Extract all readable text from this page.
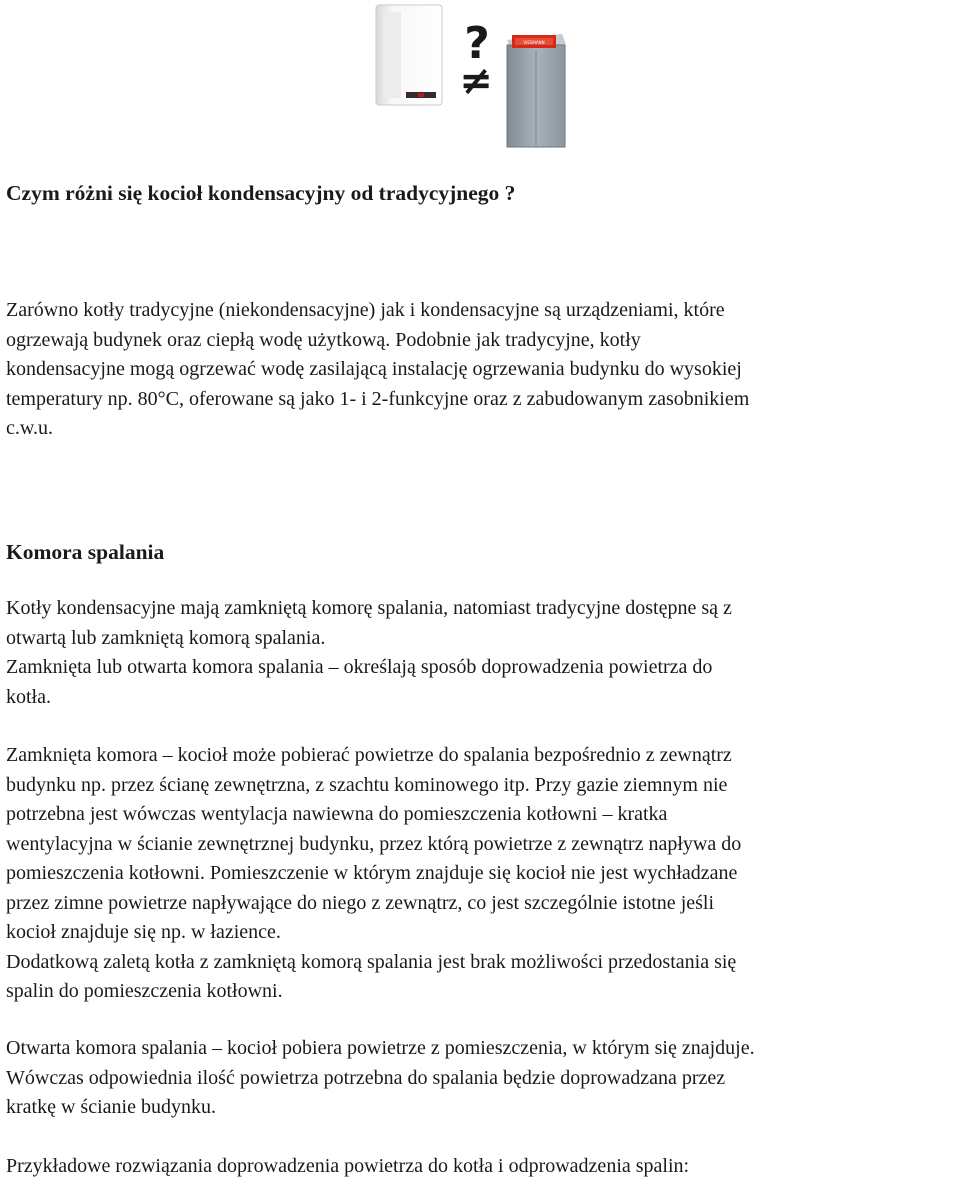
?
≠
VIESMANN
Czym różni się kocioł kondensacyjny od tradycyjnego ?
Zarówno kotły tradycyjne (niekondensacyjne) jak i kondensacyjne są urządzeniami, które
ogrzewają budynek oraz ciepłą wodę użytkową. Podobnie jak tradycyjne, kotły
kondensacyjne mogą ogrzewać wodę zasilającą instalację ogrzewania budynku do wysokiej
temperatury np. 80°C, oferowane są jako 1- i 2-funkcyjne oraz z zabudowanym zasobnikiem
c.w.u.
Komora spalania
Kotły kondensacyjne mają zamkniętą komorę spalania, natomiast tradycyjne dostępne są z
otwartą lub zamkniętą komorą spalania.
Zamknięta lub otwarta komora spalania – określają sposób doprowadzenia powietrza do
kotła.
Zamknięta komora – kocioł może pobierać powietrze do spalania bezpośrednio z zewnątrz
budynku np. przez ścianę zewnętrzna, z szachtu kominowego itp. Przy gazie ziemnym nie
potrzebna jest wówczas wentylacja nawiewna do pomieszczenia kotłowni – kratka
wentylacyjna w ścianie zewnętrznej budynku, przez którą powietrze z zewnątrz napływa do
pomieszczenia kotłowni. Pomieszczenie w którym znajduje się kocioł nie jest wychładzane
przez zimne powietrze napływające do niego z zewnątrz, co jest szczególnie istotne jeśli
kocioł znajduje się np. w łazience.
Dodatkową zaletą kotła z zamkniętą komorą spalania jest brak możliwości przedostania się
spalin do pomieszczenia kotłowni.
Otwarta komora spalania – kocioł pobiera powietrze z pomieszczenia, w którym się znajduje.
Wówczas odpowiednia ilość powietrza potrzebna do spalania będzie doprowadzana przez
kratkę w ścianie budynku.
Przykładowe rozwiązania doprowadzenia powietrza do kotła i odprowadzenia spalin:
